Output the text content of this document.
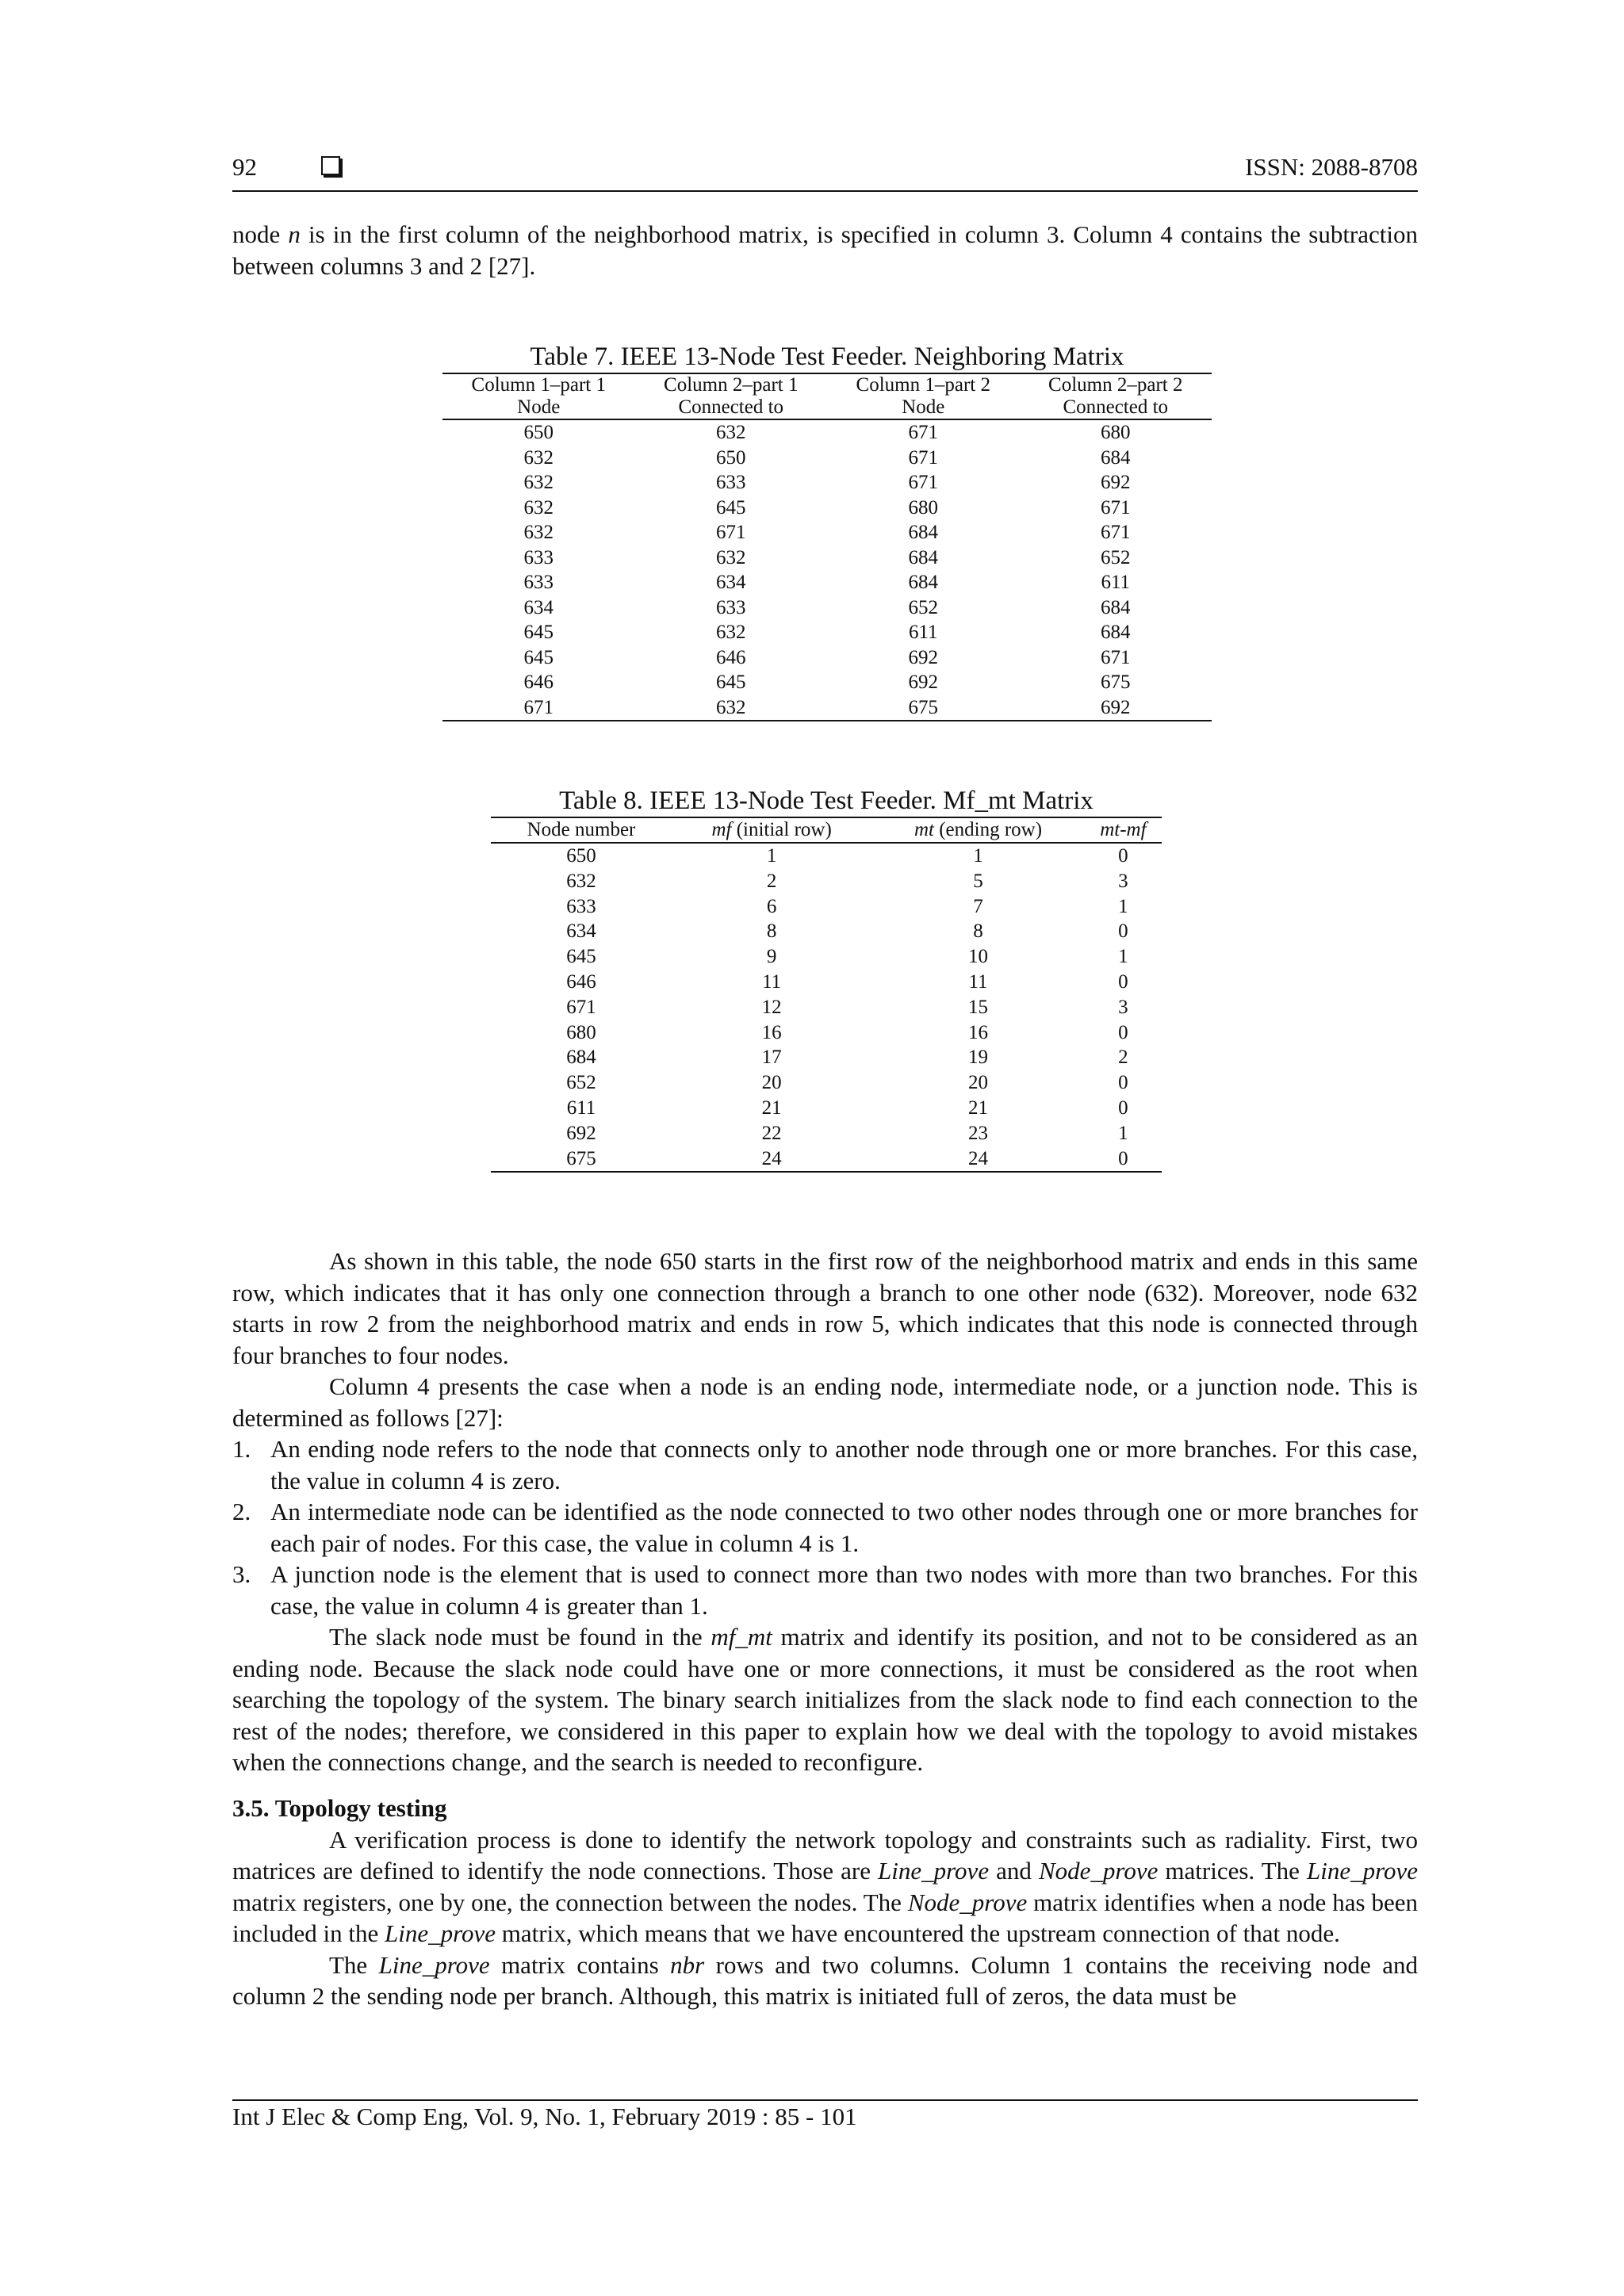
92	ISSN: 2088-8708

node n is in the first column of the neighborhood matrix, is specified in column 3. Column 4 contains the subtraction between columns 3 and 2 [27].

Table 7. IEEE 13-Node Test Feeder. Neighboring Matrix
Column 1–part 1	Column 2–part 1	Column 1–part 2	Column 2–part 2
Node	Connected to	Node	Connected to
650	632	671	680
632	650	671	684
632	633	671	692
632	645	680	671
632	671	684	671
633	632	684	652
633	634	684	611
634	633	652	684
645	632	611	684
645	646	692	671
646	645	692	675
671	632	675	692
Table 8. IEEE 13-Node Test Feeder. Mf_mt Matrix
Node number	mf (initial row)	mt (ending row)	mt-mf
650	1	1	0
632	2	5	3
633	6	7	1
634	8	8	0
645	9	10	1
646	11	11	0
671	12	15	3
680	16	16	0
684	17	19	2
652	20	20	0
611	21	21	0
692	22	23	1
675	24	24	0

As shown in this table, the node 650 starts in the first row of the neighborhood matrix and ends in this same row, which indicates that it has only one connection through a branch to one other node (632). Moreover, node 632 starts in row 2 from the neighborhood matrix and ends in row 5, which indicates that this node is connected through four branches to four nodes.

Column 4 presents the case when a node is an ending node, intermediate node, or a junction node. This is determined as follows [27]:

1. An ending node refers to the node that connects only to another node through one or more branches. For this case, the value in column 4 is zero.
2. An intermediate node can be identified as the node connected to two other nodes through one or more branches for each pair of nodes. For this case, the value in column 4 is 1.
3. A junction node is the element that is used to connect more than two nodes with more than two branches. For this case, the value in column 4 is greater than 1.

The slack node must be found in the mf_mt matrix and identify its position, and not to be considered as an ending node. Because the slack node could have one or more connections, it must be considered as the root when searching the topology of the system. The binary search initializes from the slack node to find each connection to the rest of the nodes; therefore, we considered in this paper to explain how we deal with the topology to avoid mistakes when the connections change, and the search is needed to reconfigure.

3.5. Topology testing

A verification process is done to identify the network topology and constraints such as radiality. First, two matrices are defined to identify the node connections. Those are Line_prove and Node_prove matrices. The Line_prove matrix registers, one by one, the connection between the nodes. The Node_prove matrix identifies when a node has been included in the Line_prove matrix, which means that we have encountered the upstream connection of that node.

The Line_prove matrix contains nbr rows and two columns. Column 1 contains the receiving node and column 2 the sending node per branch. Although, this matrix is initiated full of zeros, the data must be

Int J Elec & Comp Eng, Vol. 9, No. 1, February 2019 : 85 - 101
